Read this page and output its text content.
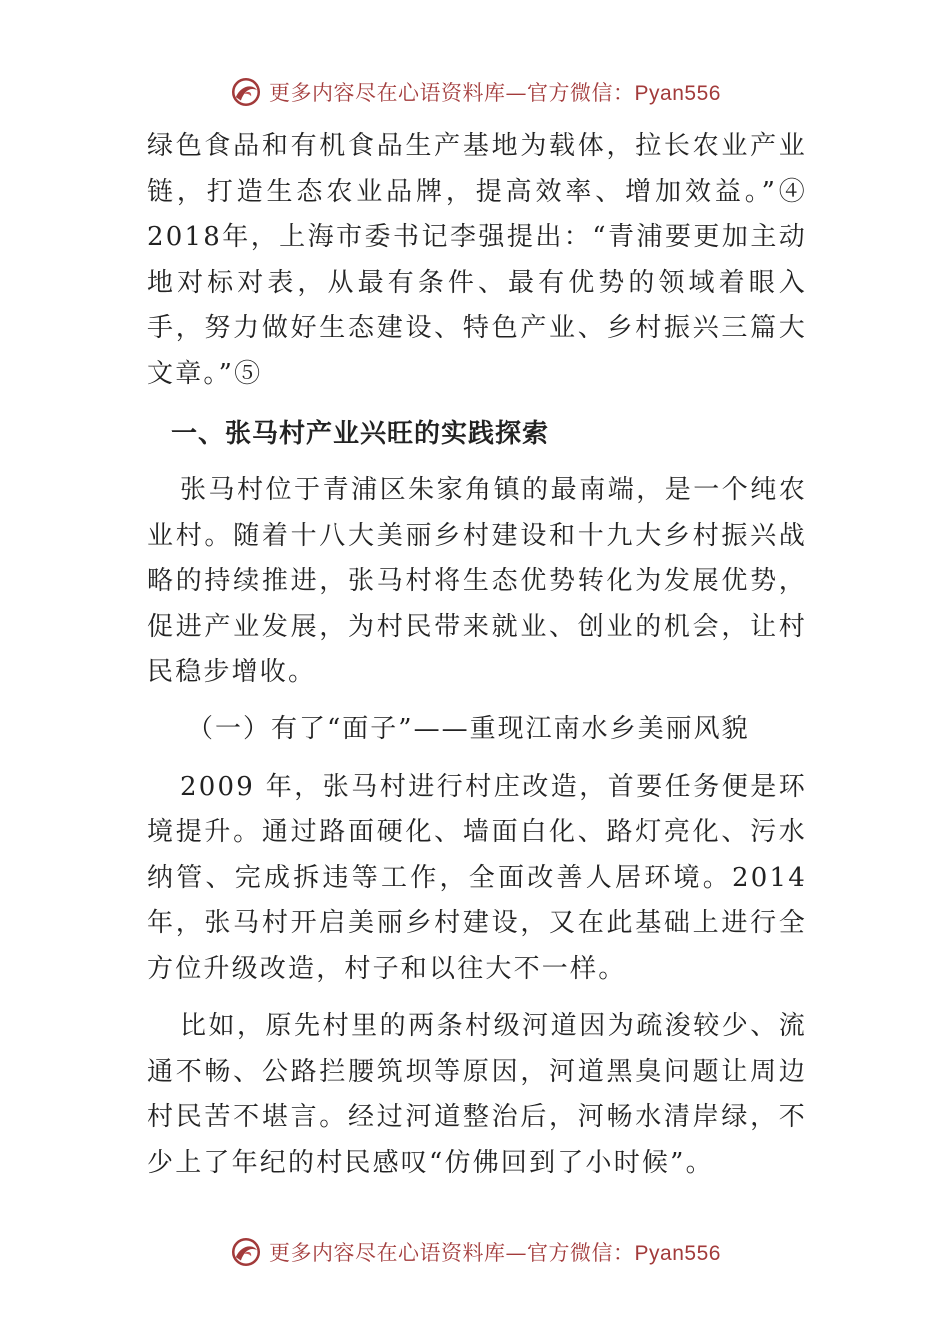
更多内容尽在心语资料库—官方微信：Pyan556

绿色食品和有机食品生产基地为载体，拉长农业产业链，打造生态农业品牌，提高效率、增加效益。”④ 2018年，上海市委书记李强提出：“青浦要更加主动地对标对表，从最有条件、最有优势的领域着眼入手，努力做好生态建设、特色产业、乡村振兴三篇大文章。”⑤

一、张马村产业兴旺的实践探索

张马村位于青浦区朱家角镇的最南端，是一个纯农业村。随着十八大美丽乡村建设和十九大乡村振兴战略的持续推进，张马村将生态优势转化为发展优势，促进产业发展，为村民带来就业、创业的机会，让村民稳步增收。

（一）有了“面子”——重现江南水乡美丽风貌

2009 年，张马村进行村庄改造，首要任务便是环境提升。通过路面硬化、墙面白化、路灯亮化、污水纳管、完成拆违等工作，全面改善人居环境。2014 年，张马村开启美丽乡村建设，又在此基础上进行全方位升级改造，村子和以往大不一样。

比如，原先村里的两条村级河道因为疏浚较少、流通不畅、公路拦腰筑坝等原因，河道黑臭问题让周边村民苦不堪言。经过河道整治后，河畅水清岸绿，不少上了年纪的村民感叹“仿佛回到了小时候”。

更多内容尽在心语资料库—官方微信：Pyan556
